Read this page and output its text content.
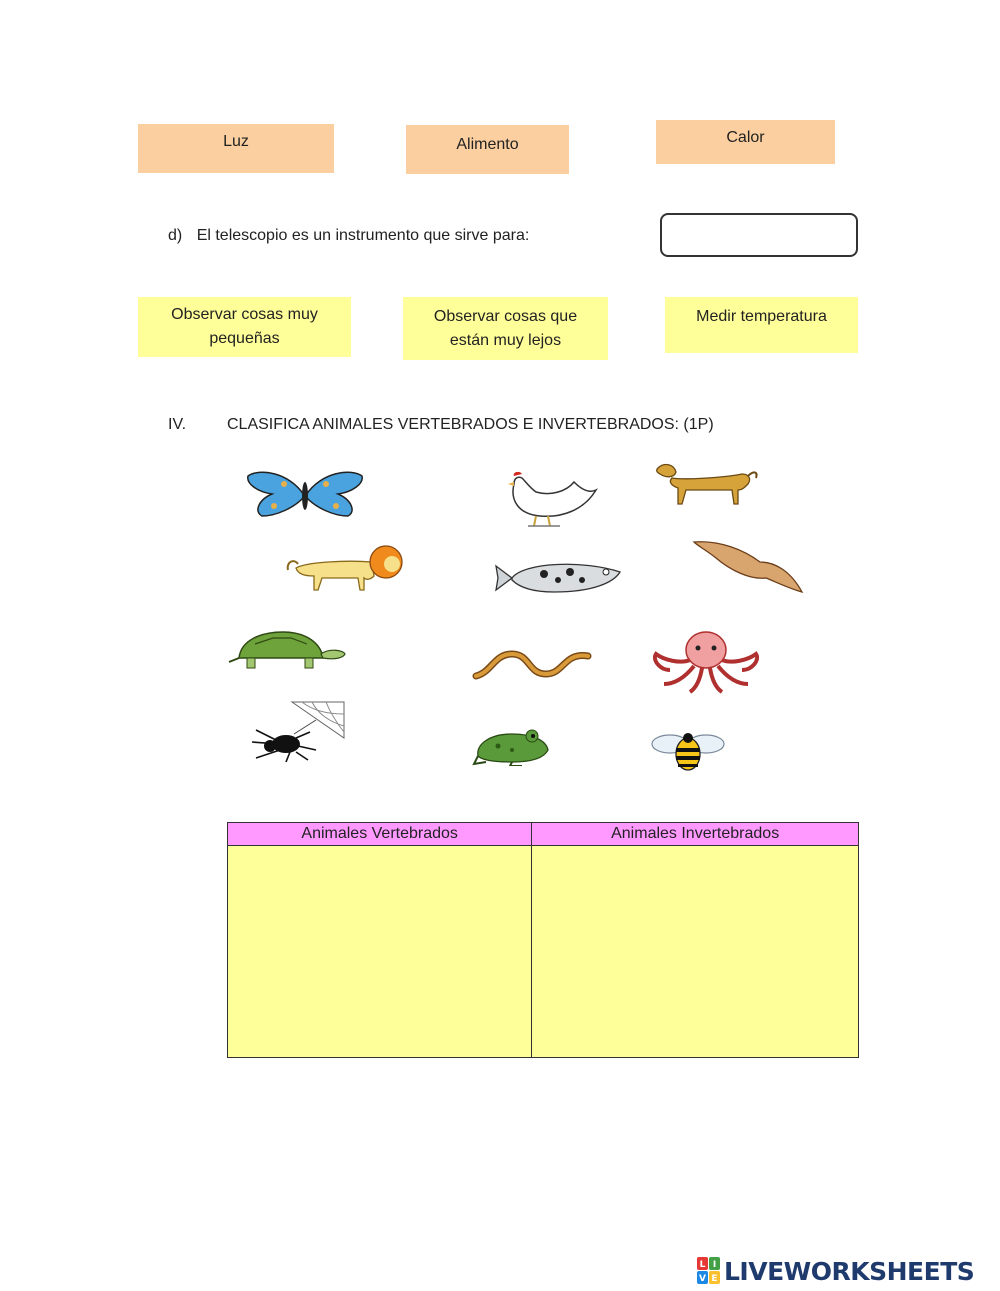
Luz	Alimento	Calor
d) El telescopio es un instrumento que sirve para:
Observar cosas muy
pequeñas
Observar cosas que
están muy lejos
Medir temperatura
IV.	CLASIFICA ANIMALES VERTEBRADOS E INVERTEBRADOS: (1P)
Animales Vertebrados	Animales Invertebrados

L I
V E LIVEWORKSHEETS
